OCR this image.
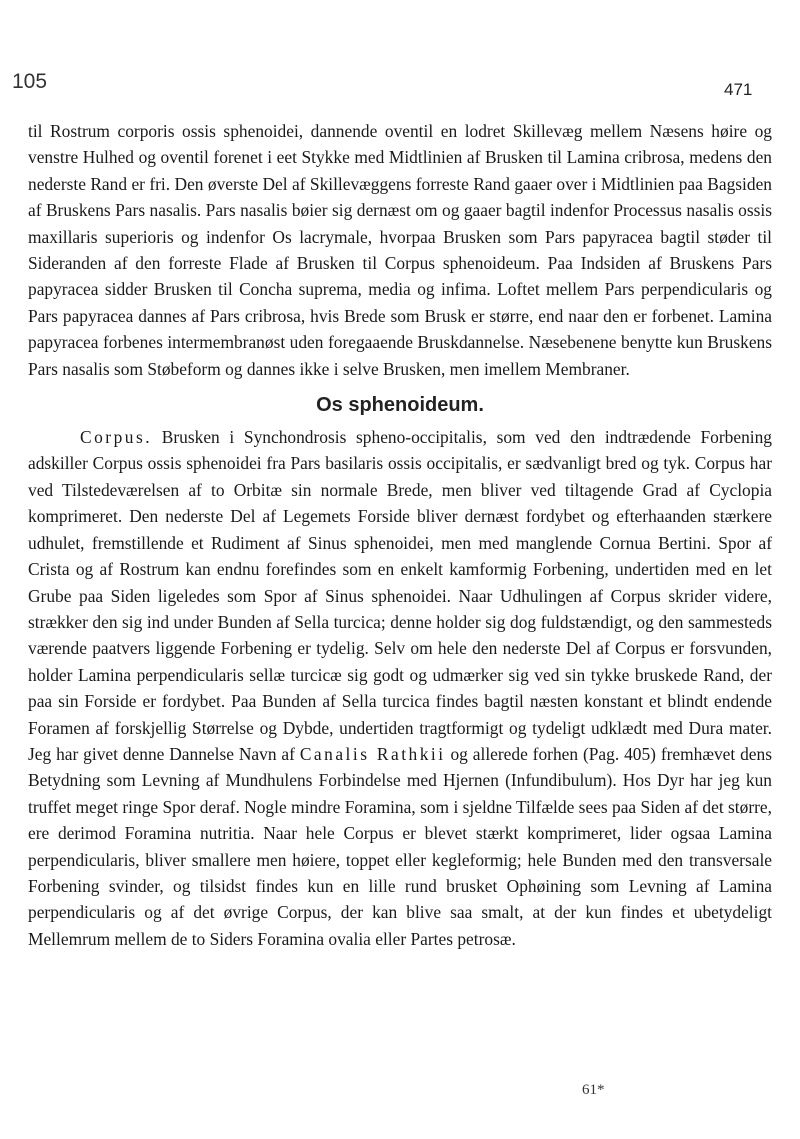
105	471

til Rostrum corporis ossis sphenoidei, dannende oventil en lodret Skillevæg mellem Næsens høire og venstre Hulhed og oventil forenet i eet Stykke med Midtlinien af Brusken til Lamina cribrosa, medens den nederste Rand er fri. Den øverste Del af Skillevæggens forreste Rand gaaer over i Midtlinien paa Bagsiden af Bruskens Pars nasalis. Pars nasalis bøier sig dernæst om og gaaer bagtil indenfor Processus nasalis ossis maxillaris superioris og indenfor Os lacrymale, hvorpaa Brusken som Pars papyracea bagtil støder til Sideranden af den forreste Flade af Brusken til Corpus sphenoideum. Paa Indsiden af Bruskens Pars papyracea sidder Brusken til Concha suprema, media og infima. Loftet mellem Pars perpendicularis og Pars papyracea dannes af Pars cribrosa, hvis Brede som Brusk er større, end naar den er forbenet. Lamina papyracea forbenes intermembranøst uden foregaaende Bruskdannelse. Næsebenene benytte kun Bruskens Pars nasalis som Støbeform og dannes ikke i selve Brusken, men imellem Membraner.

Os sphenoideum.

Corpus. Brusken i Synchondrosis spheno-occipitalis, som ved den indtrædende Forbening adskiller Corpus ossis sphenoidei fra Pars basilaris ossis occipitalis, er sædvanligt bred og tyk. Corpus har ved Tilstedeværelsen af to Orbitæ sin normale Brede, men bliver ved tiltagende Grad af Cyclopia komprimeret. Den nederste Del af Legemets Forside bliver dernæst fordybet og efterhaanden stærkere udhulet, fremstillende et Rudiment af Sinus sphenoidei, men med manglende Cornua Bertini. Spor af Crista og af Rostrum kan endnu forefindes som en enkelt kamformig Forbening, undertiden med en let Grube paa Siden ligeledes som Spor af Sinus sphenoidei. Naar Udhulingen af Corpus skrider videre, strækker den sig ind under Bunden af Sella turcica; denne holder sig dog fuldstændigt, og den sammesteds værende paatvers liggende Forbening er tydelig. Selv om hele den nederste Del af Corpus er forsvunden, holder Lamina perpendicularis sellæ turcicæ sig godt og udmærker sig ved sin tykke bruskede Rand, der paa sin Forside er fordybet. Paa Bunden af Sella turcica findes bagtil næsten konstant et blindt endende Foramen af forskjellig Størrelse og Dybde, undertiden tragtformigt og tydeligt udklædt med Dura mater. Jeg har givet denne Dannelse Navn af Canalis Rathkii og allerede forhen (Pag. 405) fremhævet dens Betydning som Levning af Mundhulens Forbindelse med Hjernen (Infundibulum). Hos Dyr har jeg kun truffet meget ringe Spor deraf. Nogle mindre Foramina, som i sjeldne Tilfælde sees paa Siden af det større, ere derimod Foramina nutritia. Naar hele Corpus er blevet stærkt komprimeret, lider ogsaa Lamina perpendicularis, bliver smallere men høiere, toppet eller kegleformig; hele Bunden med den transversale Forbening svinder, og tilsidst findes kun en lille rund brusket Ophøining som Levning af Lamina perpendicularis og af det øvrige Corpus, der kan blive saa smalt, at der kun findes et ubetydeligt Mellemrum mellem de to Siders Foramina ovalia eller Partes petrosæ.

61*
